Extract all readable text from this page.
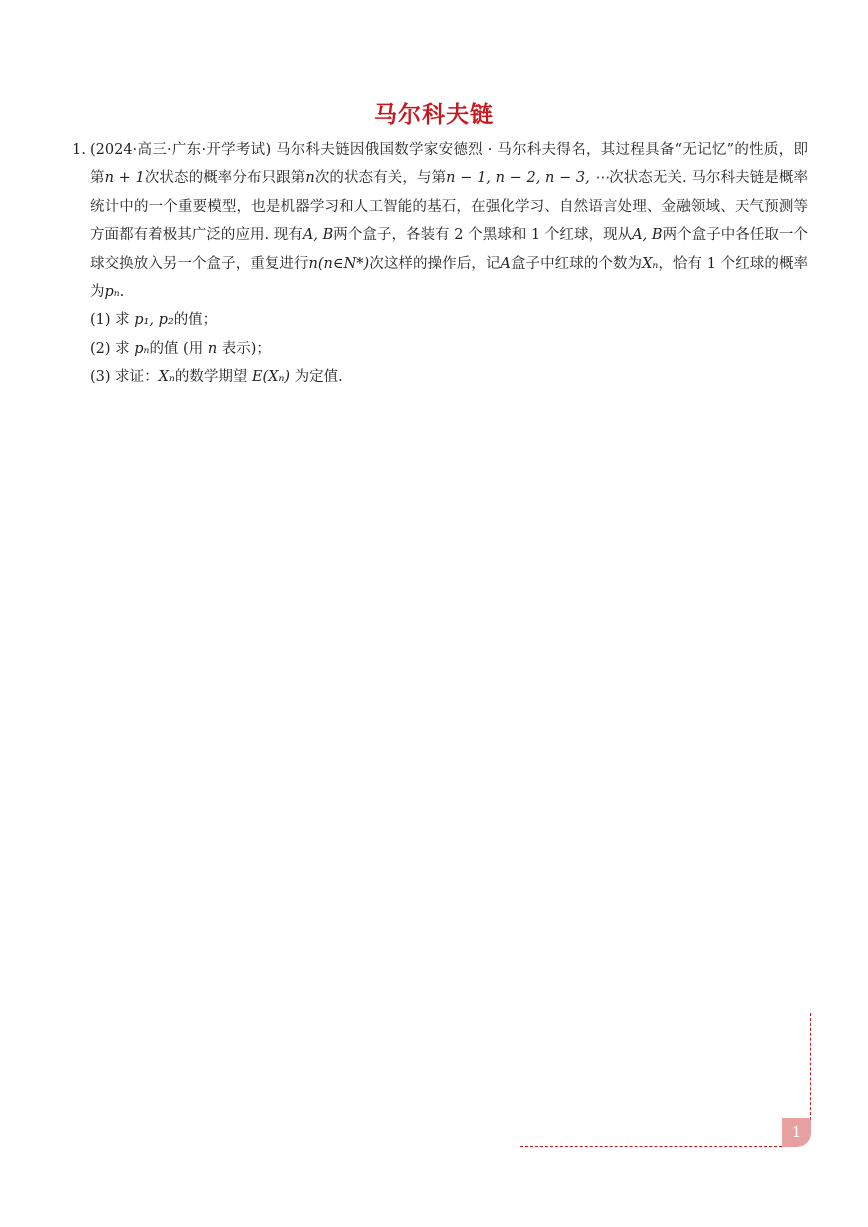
马尔科夫链

1. (2024·高三·广东·开学考试) 马尔科夫链因俄国数学家安德烈 · 马尔科夫得名，其过程具备“无记忆”的性质，即第n + 1次状态的概率分布只跟第n次的状态有关，与第n − 1, n − 2, n − 3, ⋯次状态无关. 马尔科夫链是概率统计中的一个重要模型，也是机器学习和人工智能的基石，在强化学习、自然语言处理、金融领域、天气预测等方面都有着极其广泛的应用. 现有A, B两个盒子，各装有 2 个黑球和 1 个红球，现从A, B两个盒子中各任取一个球交换放入另一个盒子，重复进行n(n∈N*)次这样的操作后，记A盒子中红球的个数为Xₙ，恰有 1 个红球的概率为pₙ.

(1) 求 p₁, p₂的值；

(2) 求 pₙ的值 (用 n 表示)；

(3) 求证：Xₙ的数学期望 E(Xₙ) 为定值.

1
